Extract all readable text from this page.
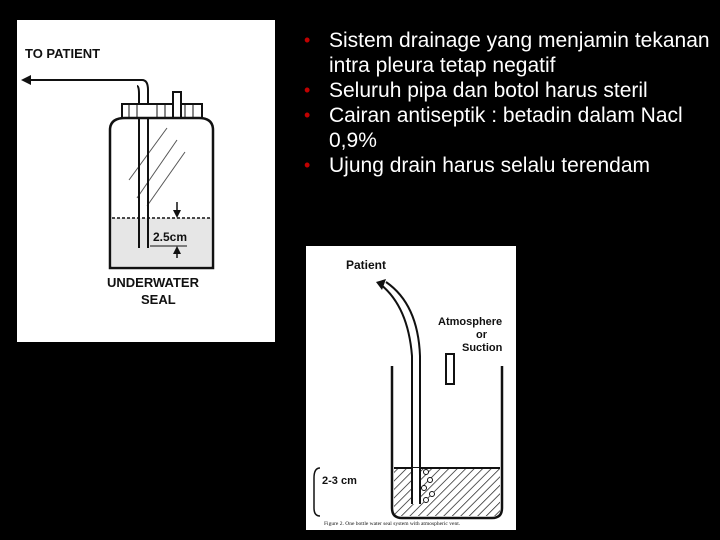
2.5cm
TO PATIENT
UNDERWATER
SEAL
• Sistem drainage yang menjamin tekanan intra pleura tetap negatif
• Seluruh pipa dan botol harus steril
• Cairan antiseptik : betadin dalam Nacl 0,9%
• Ujung drain harus selalu terendam
Patient
Atmosphere
or
Suction
2-3 cm
Figure 2. One bottle water seal system with atmospheric vent.
